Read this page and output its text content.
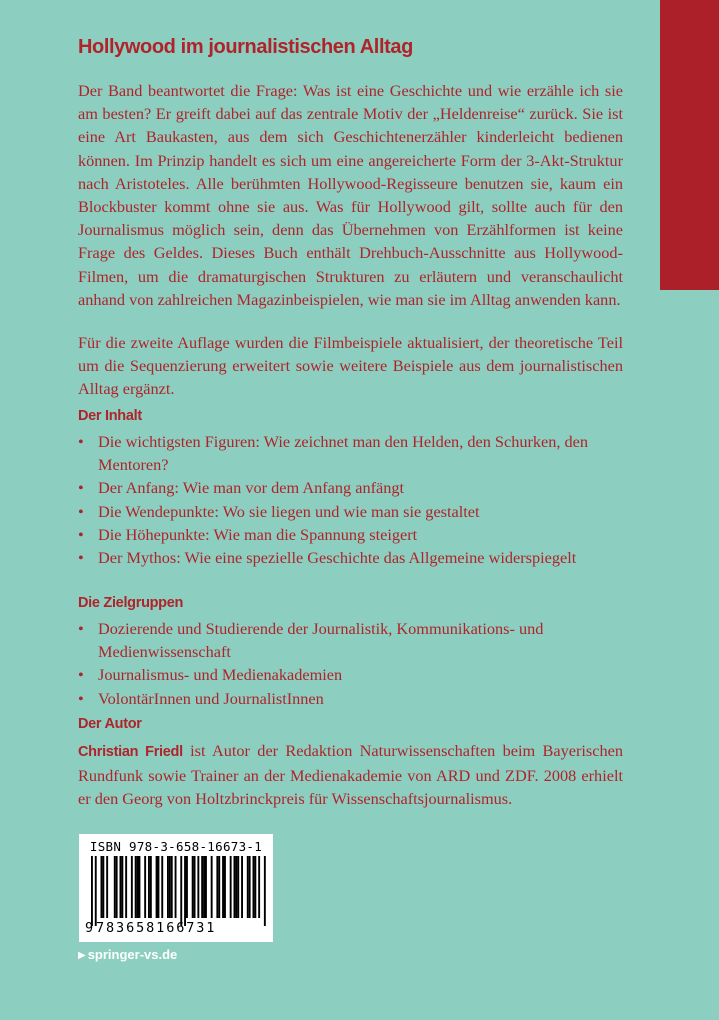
Hollywood im journalistischen Alltag

Der Band beantwortet die Frage: Was ist eine Geschichte und wie erzähle ich sie am besten? Er greift dabei auf das zentrale Motiv der „Heldenreise“ zurück. Sie ist eine Art Baukasten, aus dem sich Geschichtenerzähler kinderleicht bedienen können. Im Prinzip handelt es sich um eine angereicherte Form der 3-Akt-Struktur nach Aristoteles. Alle berühmten Hollywood-Regisseure benutzen sie, kaum ein Blockbuster kommt ohne sie aus. Was für Hollywood gilt, sollte auch für den Journalismus möglich sein, denn das Übernehmen von Erzählformen ist keine Frage des Geldes. Dieses Buch enthält Drehbuch-Ausschnitte aus Hollywood-Filmen, um die dramaturgischen Strukturen zu erläutern und veranschaulicht anhand von zahlreichen Magazinbeispielen, wie man sie im Alltag anwenden kann.

Für die zweite Auflage wurden die Filmbeispiele aktualisiert, der theoretische Teil um die Sequenzierung erweitert sowie weitere Beispiele aus dem journalistischen Alltag ergänzt.

Der Inhalt
• Die wichtigsten Figuren: Wie zeichnet man den Helden, den Schurken, den Mentoren?
• Der Anfang: Wie man vor dem Anfang anfängt
• Die Wendepunkte: Wo sie liegen und wie man sie gestaltet
• Die Höhepunkte: Wie man die Spannung steigert
• Der Mythos: Wie eine spezielle Geschichte das Allgemeine widerspiegelt
Die Zielgruppen
• Dozierende und Studierende der Journalistik, Kommunikations- und Medienwissenschaft
• Journalismus- und Medienakademien
• VolontärInnen und JournalistInnen
Der Autor

Christian Friedl ist Autor der Redaktion Naturwissenschaften beim Bayerischen Rundfunk sowie Trainer an der Medienakademie von ARD und ZDF. 2008 erhielt er den Georg von Holtzbrinckpreis für Wissenschaftsjournalismus.

ISBN 978-3-658-16673-1
9 783658166731
▶ springer-vs.de
